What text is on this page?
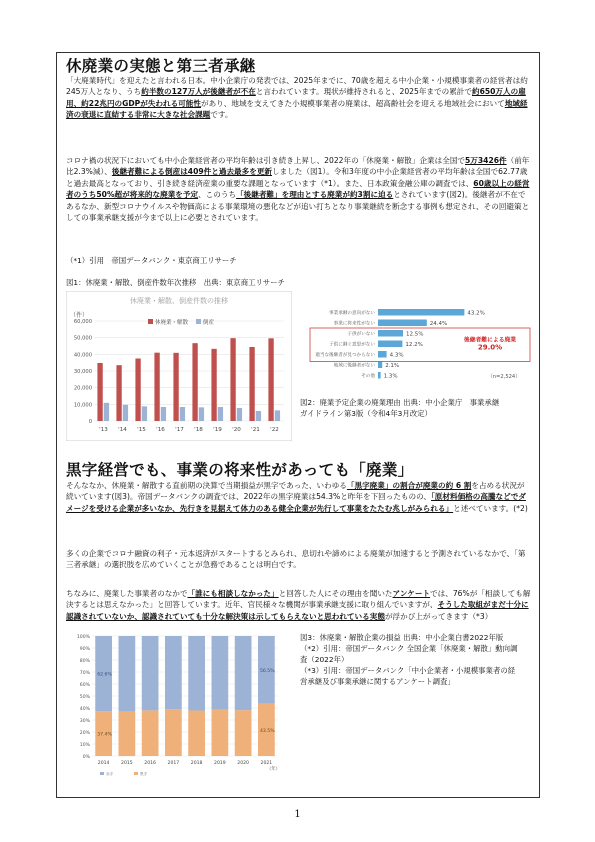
休廃業の実態と第三者承継

「大廃業時代」を迎えたと言われる日本。中小企業庁の発表では、2025年までに、70歳を超える中小企業・小規模事業者の経営者は約245万人となり、うち約半数の127万人が後継者が不在と言われています。現状が維持されると、2025年までの累計で約650万人の雇用、約22兆円のGDPが失われる可能性があり、地域を支えてきた小規模事業者の廃業は、超高齢社会を迎える地域社会において地域経済の衰退に直結する非常に大きな社会課題です。

コロナ禍の状況下においても中小企業経営者の平均年齢は引き続き上昇し、2022年の「休廃業・解散」企業は全国で5万3426件（前年比2.3%減）、後継者難による倒産は409件と過去最多を更新しました（図1）。令和3年度の中小企業経営者の平均年齢は全国で62.77歳と過去最高となっており、引き続き経済産業の重要な課題となっています（*1）。また、日本政策金融公庫の調査では、60歳以上の経営者のうち50%超が将来的な廃業を予定、このうち「後継者難」を理由とする廃業が約3割に迫るとされています(図2)。後継者が不在であるなか、新型コロナウイルスや物価高による事業環境の悪化などが追い打ちとなり事業継続を断念する事例も想定され、その回避策としての事業承継支援が今まで以上に必要とされています。

（*1）引用　帝国データバンク・東京商工リサーチ
図1：休廃業・解散、倒産件数年次推移　出典：東京商工リサーチ
休廃業・解散、倒産件数の推移
（件）
60,000
50,000
40,000
30,000
20,000
10,000
0
'13 '14 '15 '16 '17 '18 '19 '20 '21 '22
休廃業・解散	倒産
事業承継の意向がない	43.2%
事業に将来性がない	24.4%
子供がいない	12.5%
子供に継ぐ意思がない	12.2%
適当な後継者が見つからない	4.3%
地域に後継者がない 2.1%
その他 1.3%
後継者難による廃業
29.0%
（n=2,524）
図2：廃業予定企業の廃業理由 出典：中小企業庁　事業承継
ガイドライン第3版（令和4年3月改定）
黒字経営でも、事業の将来性があっても「廃業」

そんななか、休廃業・解散する直前期の決算で当期損益が黒字であった、いわゆる「黒字廃業」の割合が廃業の約 6 割を占める状況が続いています(図3)。帝国データバンクの調査では、2022年の黒字廃業は54.3%と昨年を下回ったものの、「原材料価格の高騰などでダメージを受ける企業が多いなか、先行きを見据えて体力のある健全企業が先行して事業をたたむ兆しがみられる」と述べています。(*2)

多くの企業でコロナ融資の利子・元本返済がスタートするとみられ、息切れや諦めによる廃業が加速すると予測されているなかで、「第三者承継」の選択肢を広めていくことが急務であることは明白です。

ちなみに、廃業した事業者のなかで「誰にも相談しなかった」と回答した人にその理由を聞いたアンケートでは、76%が「相談しても解決するとは思えなかった」と回答しています。近年、官民様々な機関が事業承継支援に取り組んでいますが、そうした取組がまだ十分に認識されていないか、認識されていても十分な解決策は示してもらえないと思われている実態が浮かび上がってきます（*3）

100%
90%
80%
70%
60%
50%
40%
30%
20%
10%
0%
2014	2015	2016	2017	2018	2019	2020	2021
37.4%
62.6%
43.5%
56.5%
（年）
赤字	黒字
図3：休廃業・解散企業の損益 出典：中小企業白書2022年版
（*2）引用：帝国データバンク 全国企業「休廃業・解散」動向調
査（2022年）
（*3）引用：帝国データバンク「中小企業者・小規模事業者の経
営承継及び事業承継に関するアンケート調査」
1
